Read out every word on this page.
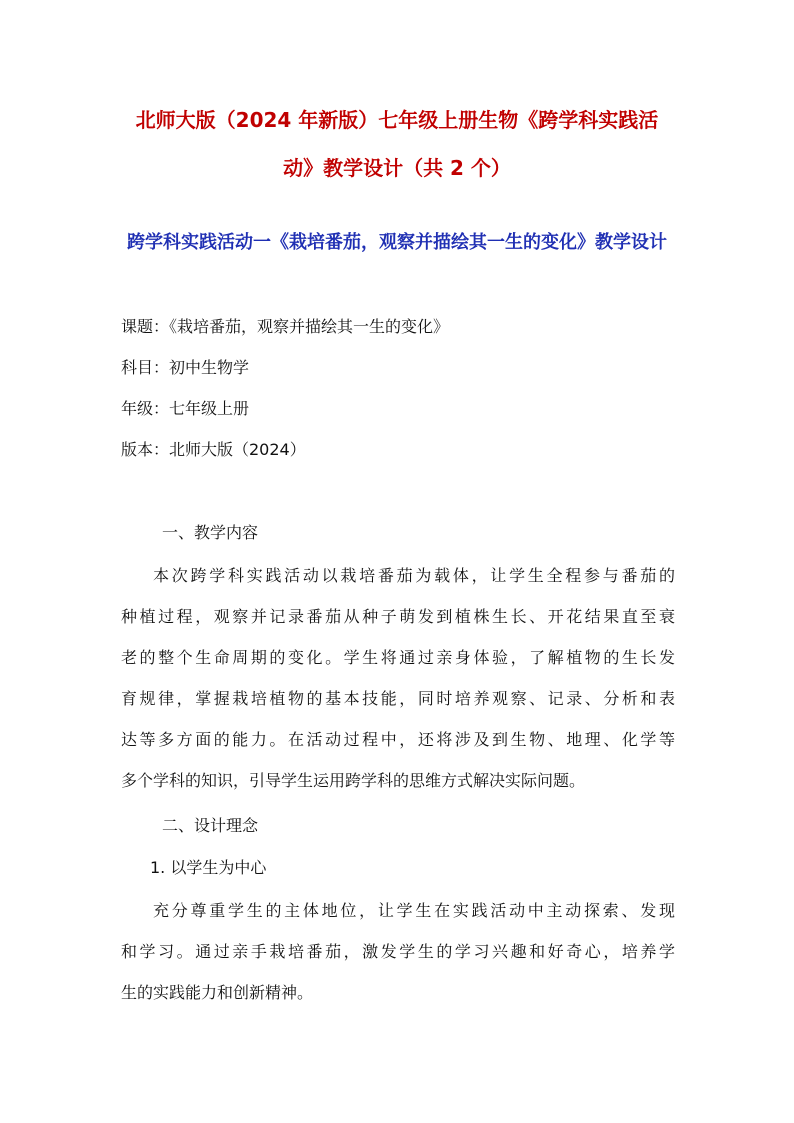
北师大版（2024 年新版）七年级上册生物《跨学科实践活
动》教学设计（共 2 个）
跨学科实践活动一《栽培番茄，观察并描绘其一生的变化》教学设计
课题：《栽培番茄，观察并描绘其一生的变化》
科目：初中生物学
年级：七年级上册
版本：北师大版（2024）
一、教学内容
本次跨学科实践活动以栽培番茄为载体，让学生全程参与番茄的
种植过程，观察并记录番茄从种子萌发到植株生长、开花结果直至衰
老的整个生命周期的变化。学生将通过亲身体验，了解植物的生长发
育规律，掌握栽培植物的基本技能，同时培养观察、记录、分析和表
达等多方面的能力。在活动过程中，还将涉及到生物、地理、化学等
多个学科的知识，引导学生运用跨学科的思维方式解决实际问题。
二、设计理念
1. 以学生为中心
充分尊重学生的主体地位，让学生在实践活动中主动探索、发现
和学习。通过亲手栽培番茄，激发学生的学习兴趣和好奇心，培养学
生的实践能力和创新精神。
